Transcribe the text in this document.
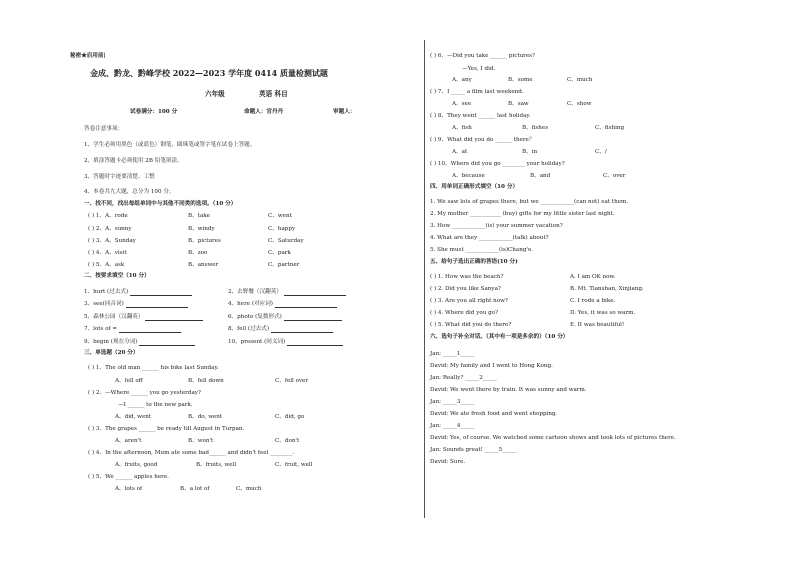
秘密★启用前|
金成、黔龙、黔峰学校 2022—2023 学年度 0414 质量检测试题
六年级	英语 科目
试卷满分：100 分	命题人：官丹丹	审题人：
答卷注意事项：
1、学生必须用黑色（或蓝色）钢笔、圆珠笔或签字笔在试卷上答题。
2、填涂答题卡必须使用 2B 铅笔填涂。
3、答题时字迹要清楚、工整
4、本卷共九大题，总分为 100 分。
一、找不同，找出每组单词中与其他不同类的选项。（10 分）
( ) 1、A、rode	B、take	C、went
( ) 2、A、sunny	B、windy	C、happy
( ) 3、A、Sunday	B、pictures	C、Saturday
( ) 4、A、visit	B、zoo	C、park
( ) 5、A、ask	B、answer	C、partner
二、按要求填空（10 分）
1、hurt (过去式)	2、去野餐（汉翻英）
3、see(同音词)	4、here (对应词)
5、森林公园（汉翻英）	6、photo (复数形式)
7、lots of =	8、fell (过去式)
9、begin (现在分词)	10、present (同义词)
三、单选题（20 分）
( ) 1、The old man ______ his bike last Sunday.
A、fell off	B、fell down	C、fell over
( ) 2、—Where ______ you go yesterday?
—I ______ to the new park.
A、did, went	B、do, went	C、did, go
( ) 3、The grapes ______ be ready till August in Turpan.
A、aren't	B、won't	C、don't
( ) 4、In the afternoon, Mum ate some bad______ and didn't feel ________.
A、fruits, good	B、fruits, well	C、fruit, well
( ) 5、We ______ apples here.
A、lots of	B、a lot of	C、much
( ) 6、—Did you take ______ pictures?
—Yes, I did.
A、any	B、some	C、much
( ) 7、I _____ a film last weekend.
A、see	B、saw	C、show
( ) 8、They went ______ last holiday.
A、fish	B、fishes	C、fishing
( ) 9、What did you do ______ there？
A、at	B、in	C、/
( ) 10、Where did you go ________ your holiday?
A、because	B、and	C、over
四、用单词正确形式填空（10 分）
1. We saw lots of grapes there, but we ____________(can not) eat them.
2. My mother ___________ (buy) gifts for my little sister last night.
3. How ____________(is) your summer vacation?
4. What are they ____________(talk) about?
5. She must ____________(is)Chang'e.
五、给句子选出正确的答语(10 分)
( ) 1. How was the beach?	A. I am OK now.
( ) 2. Did you like Sanya?	B. Mt. Tianshan, Xinjiang.
( ) 3. Are you all right now?	C. I rode a bike.
( ) 4. Where did you go?	D. Yes, it was so warm.
( ) 5. What did you do there?	E. It was beautiful!
六、选句子补全对话。（其中有一项是多余的）（10 分）
Jan: _____1_____
David: My family and I went to Hong Kong.
Jan: Really? _____2_____
David: We went there by train. It was sunny and warm.
Jan: _____3_____
David: We ate fresh food and went shopping.
Jan: _____4_____
David: Yes, of course. We watched some cartoon shows and took lots of pictures there.
Jan: Sounds great! _____5_____
David: Sure.
